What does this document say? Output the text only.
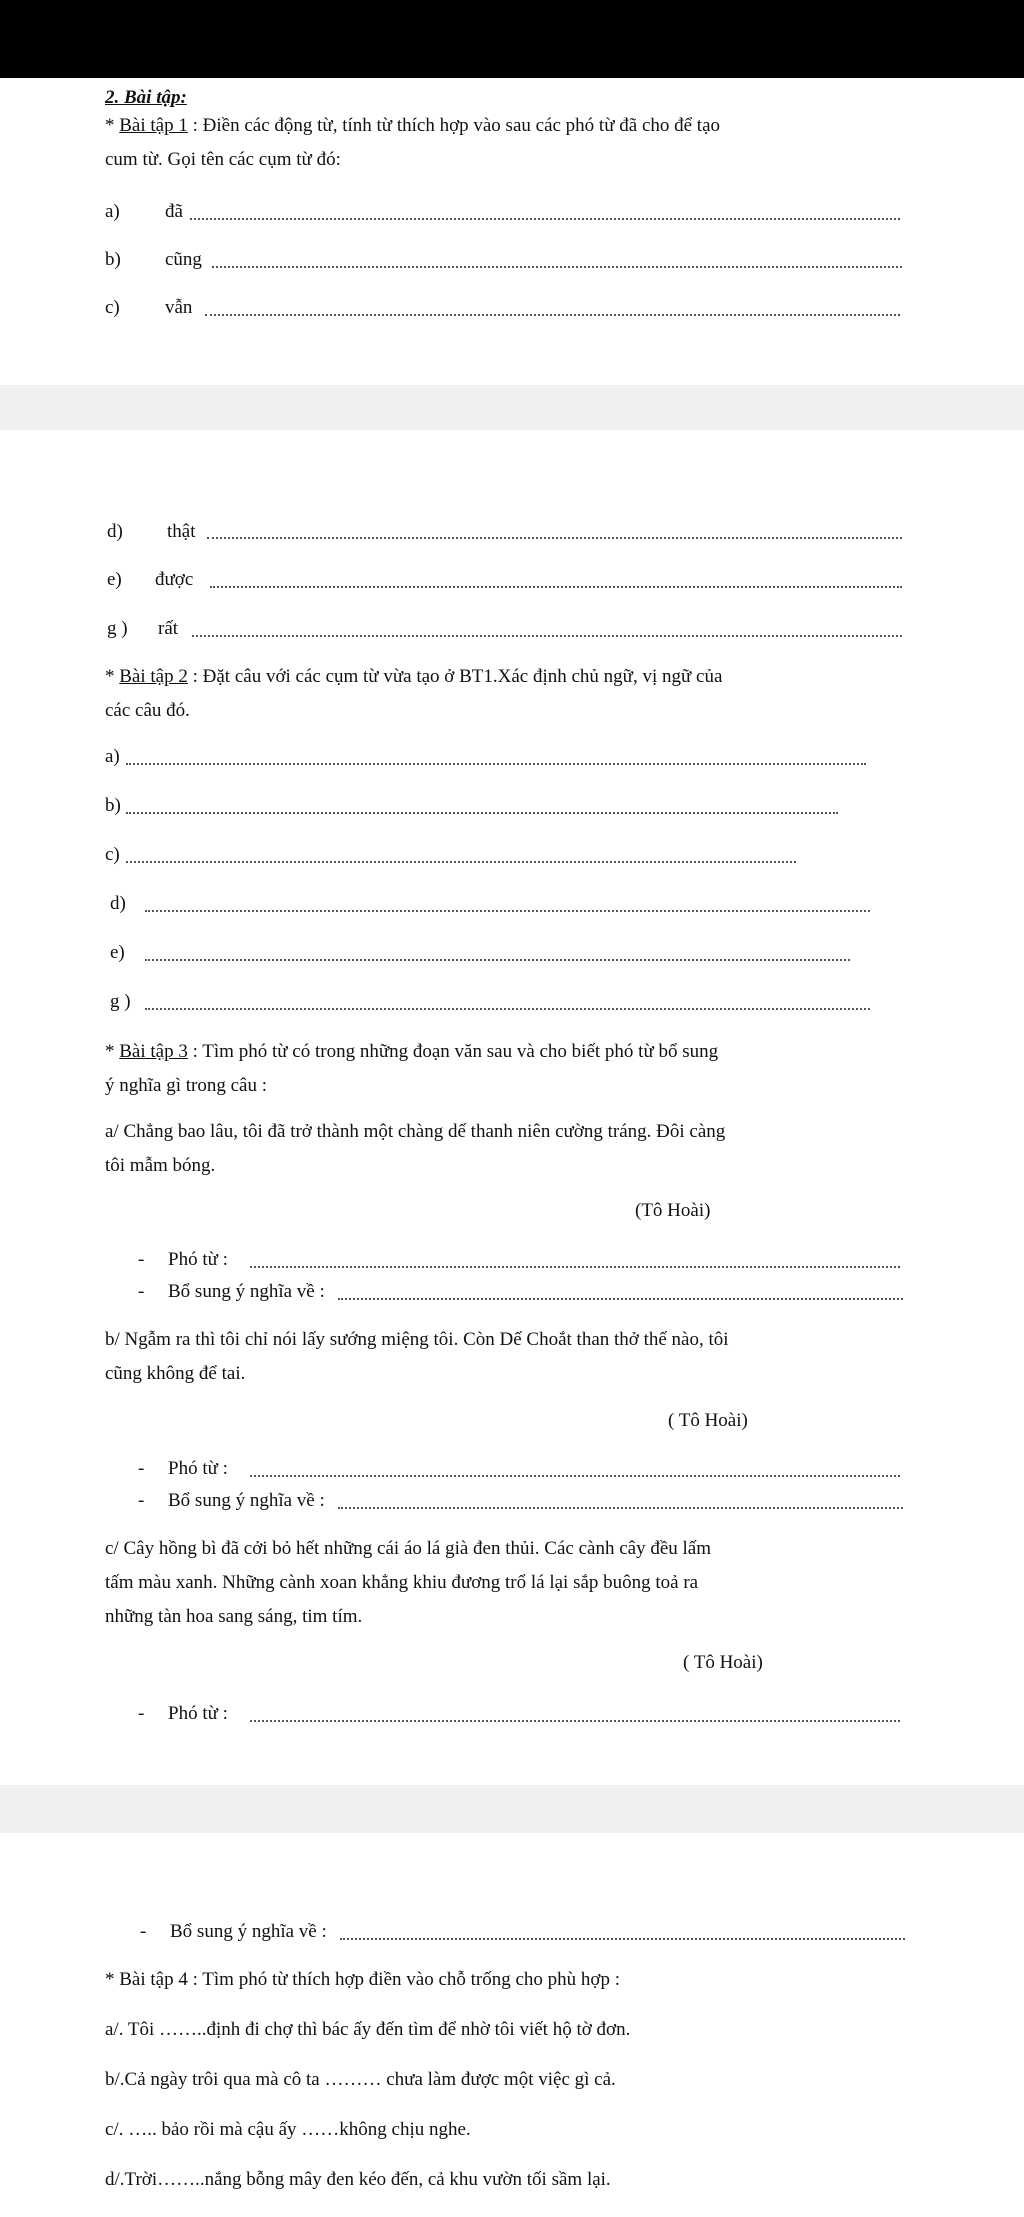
2. Bài tập:
* Bài tập 1 : Điền các động từ, tính từ thích hợp vào sau các phó từ đã cho để tạo
cum từ. Gọi tên các cụm từ đó:
a) đã
b) cũng
c) vẫn
d) thật
e) được
g ) rất
* Bài tập 2 : Đặt câu với các cụm từ vừa tạo ở BT1.Xác định chủ ngữ, vị ngữ của
các câu đó.
a)
b)
c)
d)
e)
g )
* Bài tập 3 : Tìm phó từ có trong những đoạn văn sau và cho biết phó từ bổ sung
ý nghĩa gì trong câu :
a/ Chẳng bao lâu, tôi đã trở thành một chàng dế thanh niên cường tráng. Đôi càng
tôi mẫm bóng.
(Tô Hoài)
- Phó từ :
- Bổ sung ý nghĩa về :
b/ Ngẫm ra thì tôi chỉ nói lấy sướng miệng tôi. Còn Dế Choắt than thở thế nào, tôi
cũng không để tai.
( Tô Hoài)
- Phó từ :
- Bổ sung ý nghĩa về :
c/ Cây hồng bì đã cởi bỏ hết những cái áo lá già đen thủi. Các cành cây đều lấm
tấm màu xanh. Những cành xoan khẳng khiu đương trổ lá lại sắp buông toả ra
những tàn hoa sang sáng, tim tím.
( Tô Hoài)
- Phó từ :
- Bổ sung ý nghĩa về :
* Bài tập 4 : Tìm phó từ thích hợp điền vào chỗ trống cho phù hợp :
a/. Tôi ……..định đi chợ thì bác ấy đến tìm để nhờ tôi viết hộ tờ đơn.
b/.Cả ngày trôi qua mà cô ta ……… chưa làm được một việc gì cả.
c/. ….. bảo rồi mà cậu ấy ……không chịu nghe.
d/.Trời……..nắng bỗng mây đen kéo đến, cả khu vườn tối sầm lại.
